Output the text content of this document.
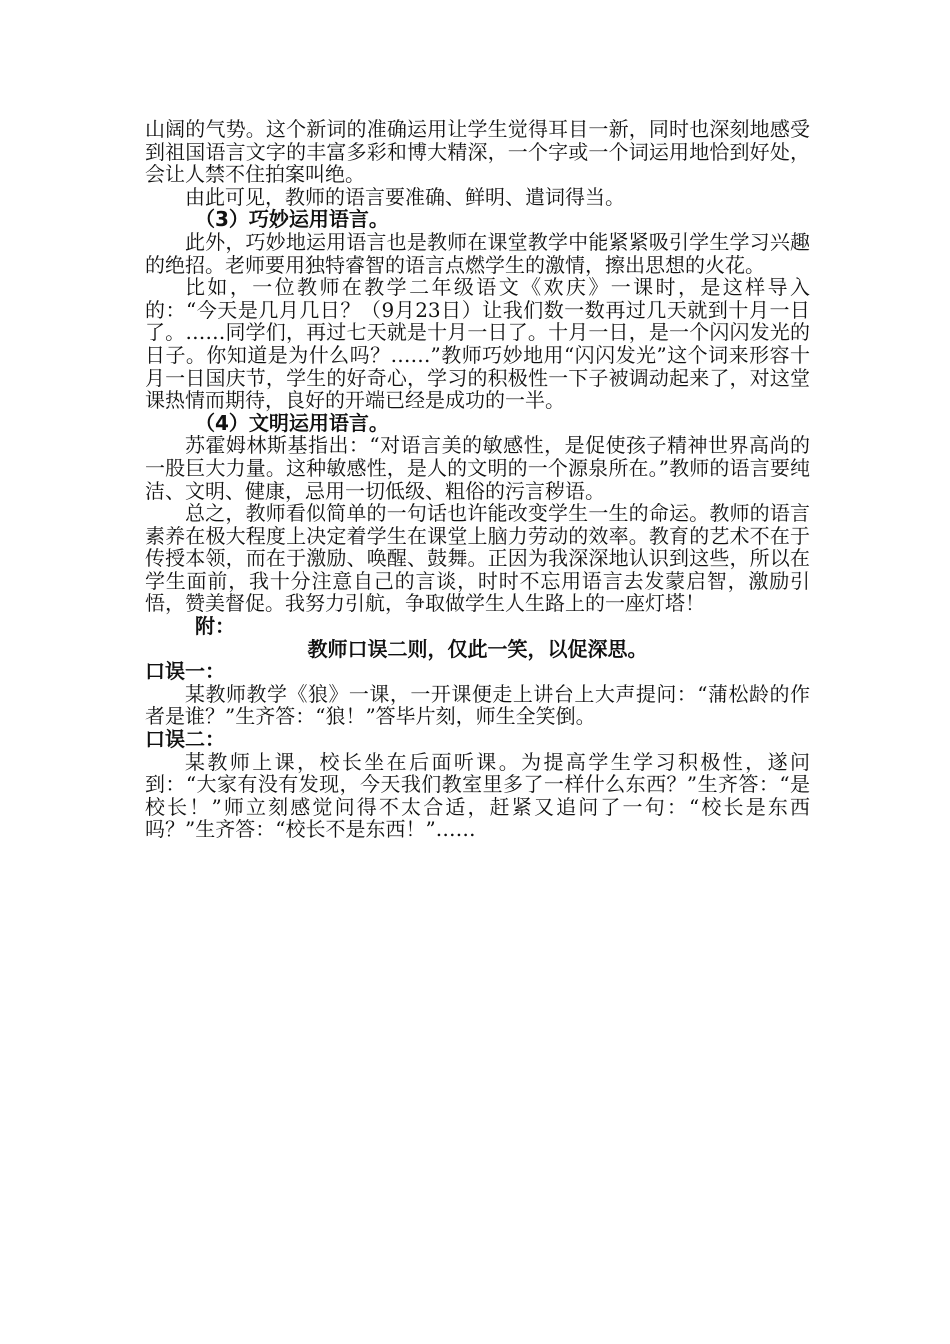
山阔的气势。这个新词的准确运用让学生觉得耳目一新，同时也深刻地感受到祖国语言文字的丰富多彩和博大精深，一个字或一个词运用地恰到好处，会让人禁不住拍案叫绝。

由此可见，教师的语言要准确、鲜明、遣词得当。

（3）巧妙运用语言。

此外，巧妙地运用语言也是教师在课堂教学中能紧紧吸引学生学习兴趣的绝招。老师要用独特睿智的语言点燃学生的激情，擦出思想的火花。

比如，一位教师在教学二年级语文《欢庆》一课时，是这样导入的：“今天是几月几日？（9月23日）让我们数一数再过几天就到十月一日了。……同学们，再过七天就是十月一日了。十月一日，是一个闪闪发光的日子。你知道是为什么吗？……”教师巧妙地用“闪闪发光”这个词来形容十月一日国庆节，学生的好奇心，学习的积极性一下子被调动起来了，对这堂课热情而期待，良好的开端已经是成功的一半。

（4）文明运用语言。

苏霍姆林斯基指出：“对语言美的敏感性，是促使孩子精神世界高尚的一股巨大力量。这种敏感性，是人的文明的一个源泉所在。”教师的语言要纯洁、文明、健康，忌用一切低级、粗俗的污言秽语。

总之，教师看似简单的一句话也许能改变学生一生的命运。教师的语言素养在极大程度上决定着学生在课堂上脑力劳动的效率。教育的艺术不在于传授本领，而在于激励、唤醒、鼓舞。正因为我深深地认识到这些，所以在学生面前，我十分注意自己的言谈，时时不忘用语言去发蒙启智，激励引悟，赞美督促。我努力引航，争取做学生人生路上的一座灯塔！

附：

教师口误二则，仅此一笑，以促深思。

口误一：

某教师教学《狼》一课，一开课便走上讲台上大声提问：“蒲松龄的作者是谁？”生齐答：“狼！”答毕片刻，师生全笑倒。

口误二：

某教师上课，校长坐在后面听课。为提高学生学习积极性，遂问到：“大家有没有发现，今天我们教室里多了一样什么东西？”生齐答：“是校长！”师立刻感觉问得不太合适，赶紧又追问了一句：“校长是东西吗？”生齐答：“校长不是东西！”……
